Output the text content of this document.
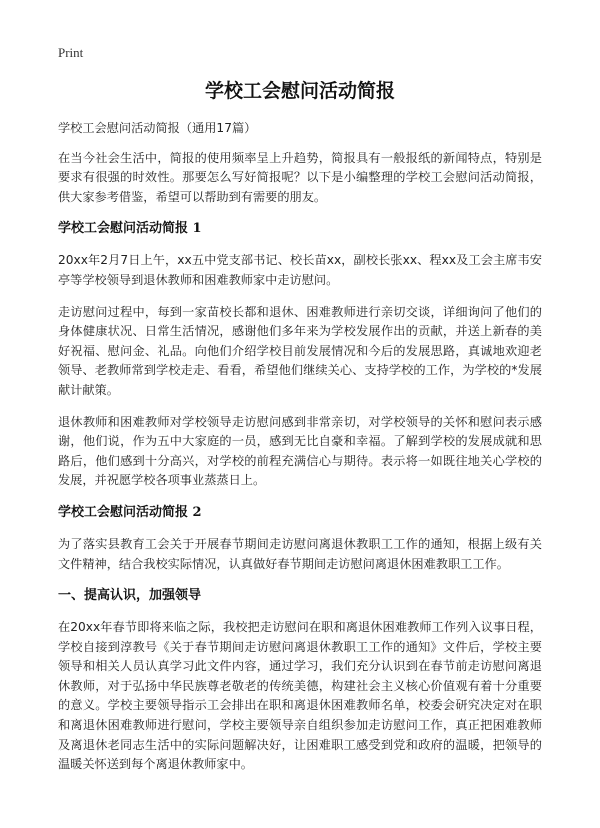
Print
学校工会慰问活动简报

学校工会慰问活动简报（通用17篇）

在当今社会生活中，简报的使用频率呈上升趋势，简报具有一般报纸的新闻特点，特别是要求有很强的时效性。那要怎么写好简报呢？以下是小编整理的学校工会慰问活动简报，供大家参考借鉴，希望可以帮助到有需要的朋友。

学校工会慰问活动简报 1

20xx年2月7日上午，xx五中党支部书记、校长苗xx，副校长张xx、程xx及工会主席韦安亭等学校领导到退休教师和困难教师家中走访慰问。

走访慰问过程中，每到一家苗校长都和退休、困难教师进行亲切交谈，详细询问了他们的身体健康状况、日常生活情况，感谢他们多年来为学校发展作出的贡献，并送上新春的美好祝福、慰问金、礼品。向他们介绍学校目前发展情况和今后的发展思路，真诚地欢迎老领导、老教师常到学校走走、看看，希望他们继续关心、支持学校的工作，为学校的*发展献计献策。

退休教师和困难教师对学校领导走访慰问感到非常亲切，对学校领导的关怀和慰问表示感谢，他们说，作为五中大家庭的一员，感到无比自豪和幸福。了解到学校的发展成就和思路后，他们感到十分高兴，对学校的前程充满信心与期待。表示将一如既往地关心学校的发展，并祝愿学校各项事业蒸蒸日上。

学校工会慰问活动简报 2

为了落实县教育工会关于开展春节期间走访慰问离退休教职工工作的通知，根据上级有关文件精神，结合我校实际情况，认真做好春节期间走访慰问离退休困难教职工工作。

一、提高认识，加强领导

在20xx年春节即将来临之际，我校把走访慰问在职和离退休困难教师工作列入议事日程，学校自接到淳教号《关于春节期间走访慰问离退休教职工工作的通知》文件后，学校主要领导和相关人员认真学习此文件内容，通过学习，我们充分认识到在春节前走访慰问离退休教师，对于弘扬中华民族尊老敬老的传统美德，构建社会主义核心价值观有着十分重要的意义。学校主要领导指示工会排出在职和离退休困难教师名单，校委会研究决定对在职和离退休困难教师进行慰问，学校主要领导亲自组织参加走访慰问工作，真正把困难教师及离退休老同志生活中的实际问题解决好，让困难职工感受到党和政府的温暖，把领导的温暖关怀送到每个离退休教师家中。
